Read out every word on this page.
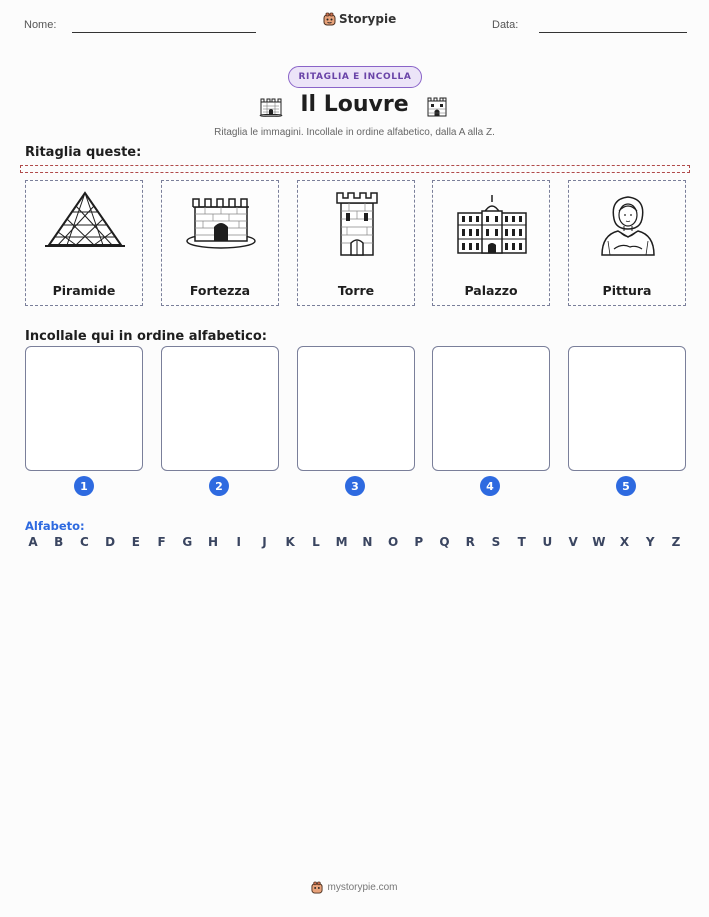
Nome:	Storypie	Data:
RITAGLIA E INCOLLA
Il Louvre
Ritaglia le immagini. Incollale in ordine alfabetico, dalla A alla Z.
Ritaglia queste:
Piramide	Fortezza	Torre	Palazzo	Pittura
Incollale qui in ordine alfabetico:
1	2	3	4	5
Alfabeto:
A B C D E F G H	I	J	K L M N O P Q R S T U V W X Y Z
mystorypie.com
